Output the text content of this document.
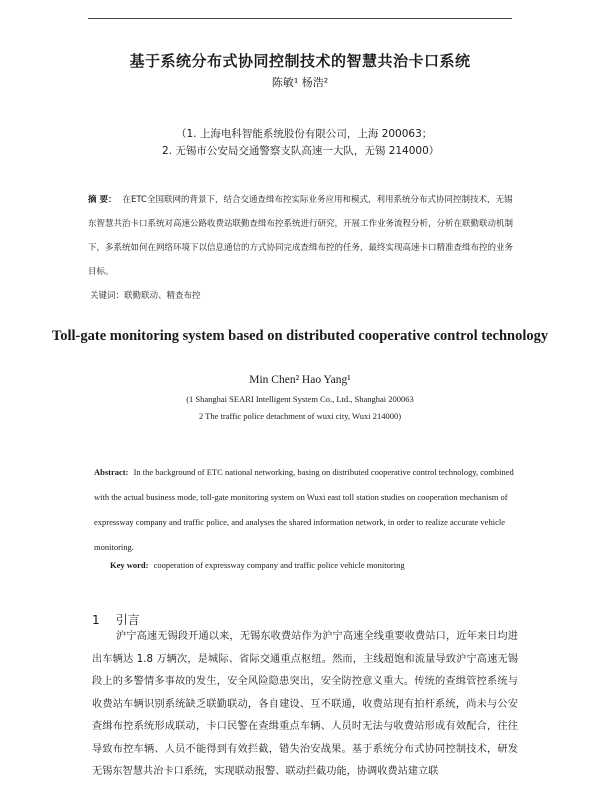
基于系统分布式协同控制技术的智慧共治卡口系统
陈敏¹ 杨浩²
（1. 上海电科智能系统股份有限公司，上海 200063；
2. 无锡市公安局交通警察支队高速一大队，无锡 214000）
摘 要： 在ETC全国联网的背景下，结合交通查缉布控实际业务应用和模式，利用系统分布式协同控制技术，无锡东智慧共治卡口系统对高速公路收费站联勤查缉布控系统进行研究，开展工作业务流程分析，分析在联勤联动机制下，多系统如何在网络环境下以信息通信的方式协同完成查缉布控的任务，最终实现高速卡口精准查缉布控的业务目标。
关键词：联勤联动、精查布控
Toll-gate monitoring system based on distributed cooperative control technology
Min Chen² Hao Yang¹
(1 Shanghai SEARI Intelligent System Co., Ltd., Shanghai 200063
2 The traffic police detachment of wuxi city, Wuxi 214000)
Abstract: In the background of ETC national networking, basing on distributed cooperative control technology, combined with the actual business mode, toll-gate monitoring system on Wuxi east toll station studies on cooperation mechanism of expressway company and traffic police, and analyses the shared information network, in order to realize accurate vehicle monitoring.
Key word: cooperation of expressway company and traffic police vehicle monitoring
1 引言
沪宁高速无锡段开通以来，无锡东收费站作为沪宁高速全线重要收费站口，近年来日均进出车辆达 1.8 万辆次，是城际、省际交通重点枢纽。然而，主线超饱和流量导致沪宁高速无锡段上的多警情多事故的发生，安全风险隐患突出，安全防控意义重大。传统的查缉管控系统与收费站车辆识别系统缺乏联勤联动，各自建设、互不联通，收费站现有拍杆系统，尚未与公安查缉布控系统形成联动，卡口民警在查缉重点车辆、人员时无法与收费站形成有效配合，往往导致布控车辆、人员不能得到有效拦截，错失治安战果。基于系统分布式协同控制技术，研发无锡东智慧共治卡口系统，实现联动报警、联动拦截功能，协调收费站建立联
